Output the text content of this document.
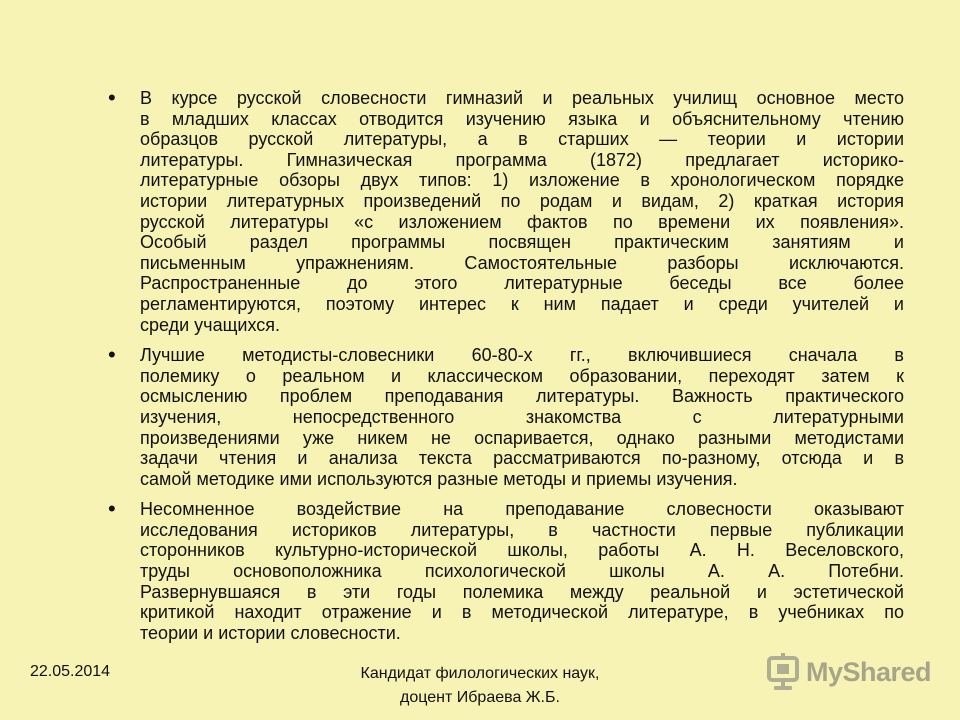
• В курсе русской словесности гимназий и реальных училищ основное место
в младших классах отводится изучению языка и объяснительному чтению
образцов русской литературы, а в старших — теории и истории
литературы. Гимназическая программа (1872) предлагает историко-
литературные обзоры двух типов: 1) изложение в хронологическом порядке
истории литературных произведений по родам и видам, 2) краткая история
русской литературы «с изложением фактов по времени их появления».
Особый раздел программы посвящен практическим занятиям и
письменным упражнениям. Самостоятельные разборы исключаются.
Распространенные до этого литературные беседы все более
регламентируются, поэтому интерес к ним падает и среди учителей и
среди учащихся.
• Лучшие методисты-словесники 60-80-х гг., включившиеся сначала в
полемику о реальном и классическом образовании, переходят затем к
осмыслению проблем преподавания литературы. Важность практического
изучения, непосредственного знакомства с литературными
произведениями уже никем не оспаривается, однако разными методистами
задачи чтения и анализа текста рассматриваются по-разному, отсюда и в
самой методике ими используются разные методы и приемы изучения.
• Несомненное воздействие на преподавание словесности оказывают
исследования историков литературы, в частности первые публикации
сторонников культурно-исторической школы, работы А. Н. Веселовского,
труды основоположника психологической школы А. А. Потебни.
Развернувшаяся в эти годы полемика между реальной и эстетической
критикой находит отражение и в методической литературе, в учебниках по
теории и истории словесности.
22.05.2014	Кандидат филологических наук,
доцент Ибраева Ж.Б.
MyShared
